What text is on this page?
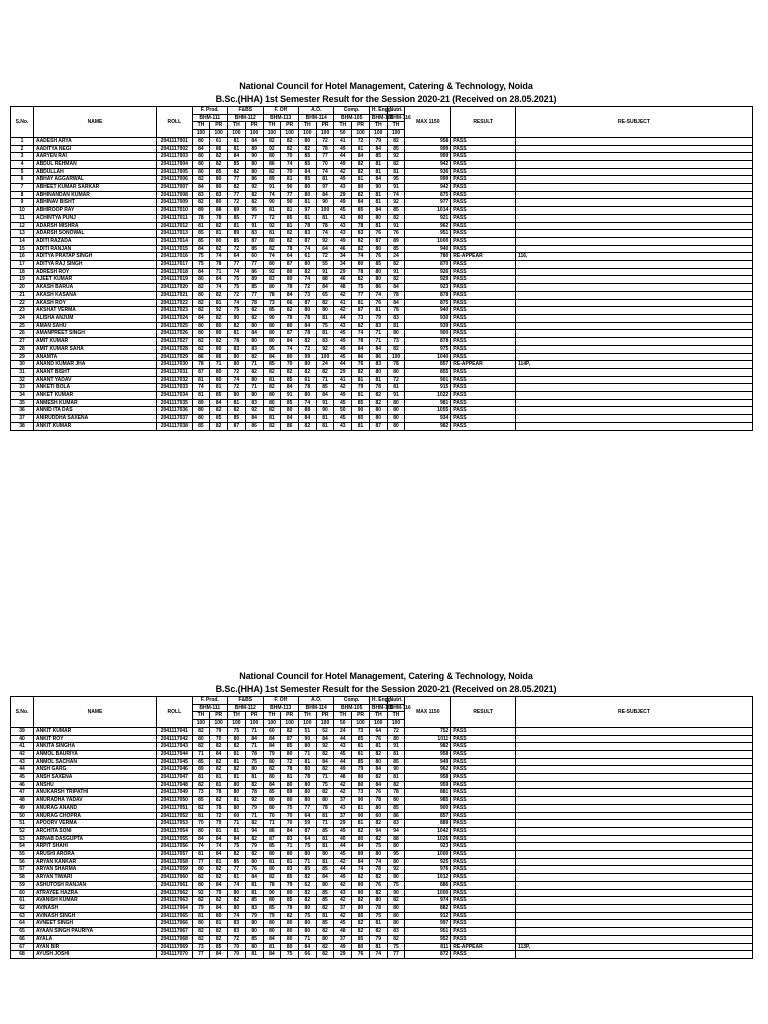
National Council for Hotel Management, Catering & Technology, Noida
B.Sc.(HHA) 1st Semester Result for the Session 2020-21 (Received on 28.05.2021)
S.No.	NAME	ROLL	F. Prod.		F&BS		F. Off		A.O.		Comp.		H. Engg.	Nutri.	MAX 1150	RESULT	RE-SUBJECT
			BHM-111		BHM-112		BHM-113		BHM-114		BHM-105		BHM-106	BHM-116			
			TH	PR	TH	PR	TH	PR	TH	PR	TH	PR	TH	TH			
			100	100	100	100	100	100	100	100	50	100	100	100			
1	AADESH ARYA	2041117001	80	61	81	84	82	82	80	72	41	72	79	82	958	PASS	
2	AADITYA NEGI	2041117002	84	86	81	89	92	82	82	78	49	81	84	85	999	PASS	
3	AARYEN RAI	2041117003	80	82	84	90	80	70	85	77	44	84	85	92	999	PASS	
4	ABDUL REHMAN	2041117004	80	82	85	80	86	74	85	70	49	82	81	82	942	PASS	
5	ABDULLAH	2041117005	80	85	82	80	82	70	84	74	42	82	81	81	936	PASS	
6	ABHAY AGGARWAL	2041117006	82	80	77	86	89	81	85	81	49	81	84	95	999	PASS	
7	ABHEET KUMAR SARKAR	2041117007	84	80	82	92	91	90	80	97	43	80	90	91	942	PASS	
8	ABHINANDAN KUMAR	2041117008	83	83	77	82	74	77	80	84	29	82	81	74	875	PASS	
9	ABHINAV BISHT	2041117009	82	80	72	82	90	90	81	90	49	84	81	92	977	PASS	
10	ABHIROOP RAY	2041117010	89	88	89	95	81	81	97	100	45	85	84	85	1014	PASS	
11	ACHINTYA PUNJ	2041117011	78	78	85	77	72	85	81	81	43	80	80	82	921	PASS	
12	ADARSH MISHRA	2041117012	81	82	81	91	92	81	78	78	43	78	81	91	962	PASS	
13	ADARSH SONOWAL	2041117013	85	81	89	83	81	82	83	74	43	83	76	76	951	PASS	
14	ADITI RAZADA	2041117014	85	80	85	87	80	82	87	92	49	82	87	89	1000	PASS	
15	ADITI RANJAN	2041117015	84	82	72	85	82	78	74	64	46	82	80	85	940	PASS	
16	ADITYA PRATAP SINGH	2041117016	75	74	64	60	74	64	61	72	34	74	76	24	780	RE-APPEAR	116,
17	ADITYA RAJ SINGH	2041117017	75	78	77	77	80	87	80	55	34	80	85	82	870	PASS	
18	ADRESH ROY	2041117018	84	71	74	86	92	80	82	91	29	78	80	91	926	PASS	
19	AJEET KUMAR	2041117019	80	84	75	89	83	80	74	88	46	82	80	82	929	PASS	
20	AKASH BARUA	2041117020	82	74	75	85	80	78	72	84	48	75	86	84	923	PASS	
21	AKASH KASANA	2041117021	80	82	72	77	78	84	73	65	42	77	74	78	878	PASS	
22	AKASH ROY	2041117022	82	81	74	78	73	66	87	82	41	81	76	84	875	PASS	
23	AKSHAT VERMA	2041117023	82	92	75	82	85	82	80	80	42	87	81	78	940	PASS	
24	ALISHA ANJUM	2041117024	84	82	90	82	90	78	78	81	44	73	79	83	930	PASS	
25	AMAN SAHU	2041117025	80	80	82	80	80	80	84	75	43	82	83	81	939	PASS	
26	AMANPREET SINGH	2041117026	80	80	81	84	80	87	78	81	45	74	71	80	900	PASS	
27	AMIT KUMAR	2041117027	82	82	78	80	80	84	82	83	49	78	71	73	878	PASS	
28	AMIT KUMAR SAHA	2041117028	82	80	83	83	95	74	72	92	49	84	84	82	975	PASS	
29	ANAMTA	2041117029	86	86	80	82	84	80	99	100	45	86	86	100	1040	PASS	
30	ANAND KUMAR JHA	2041117030	78	71	80	71	85	70	80	24	44	76	83	78	857	RE-APPEAR	114P,
31	ANANT BISHT	2041117031	87	80	72	82	82	82	82	82	29	82	80	80	855	PASS	
32	ANANT YADAV	2041117032	81	80	74	80	81	85	61	71	41	81	81	72	901	PASS	
33	ANKETI BOLA	2041117033	74	81	72	71	82	84	78	85	42	79	78	81	915	PASS	
34	ANKET KUMAR	2041117034	81	85	80	80	80	91	80	84	49	81	82	91	1022	PASS	
35	ANMESH KUMAR	2041117035	89	84	81	83	80	85	74	91	45	85	82	80	981	PASS	
36	ANNID ITA DAS	2041117036	80	82	82	92	82	80	88	90	50	90	80	80	1055	PASS	
37	ANIRUDDHA SAXENA	2041117037	80	85	85	84	81	84	84	81	45	85	80	80	934	PASS	
38	ANKIT KUMAR	2041117038	85	82	87	86	82	86	82	81	43	81	87	80	982	PASS	
National Council for Hotel Management, Catering & Technology, Noida
B.Sc.(HHA) 1st Semester Result for the Session 2020-21 (Received on 28.05.2021)
S.No.	NAME	ROLL	F. Prod.		F&BS		F. Off		A.O.		Comp.		H. Engg.	Nutri.	MAX 1150	RESULT	RE-SUBJECT
			BHM-111		BHM-112		BHM-113		BHM-114		BHM-105		BHM-106	BHM-116			
			TH	PR	TH	PR	TH	PR	TH	PR	TH	PR	TH	TH			
			100	100	100	100	100	100	100	100	50	100	100	100			
39	ANKIT KUMAR	2041117041	82	79	75	71	60	82	51	52	24	73	64	72	752	PASS	
40	ANKIT ROY	2041117042	80	70	80	84	84	87	90	84	44	85	76	80	1011	PASS	
41	ANKITA SINGHA	2041117043	82	82	82	71	84	85	80	92	43	81	81	91	982	PASS	
42	ANMOL BAURIYA	2041117044	71	84	81	78	79	80	71	82	45	81	82	81	958	PASS	
43	ANMOL SACHAN	2041117045	85	82	81	75	80	72	81	84	44	85	80	85	949	PASS	
44	ANSH GARG	2041117046	89	82	82	80	82	78	80	82	49	79	84	90	962	PASS	
45	ANSH SAXENA	2041117047	81	81	81	81	80	81	78	71	48	80	82	81	958	PASS	
46	ANSHU	2041117048	82	81	80	82	84	80	80	75	42	80	84	82	959	PASS	
47	ANUKARSH TRIPATHI	2041117049	73	78	80	78	85	89	80	82	42	73	76	78	881	PASS	
48	ANURADHA YADAV	2041117050	85	82	81	92	80	80	80	80	37	90	78	80	985	PASS	
49	ANURAG ANAND	2041117051	82	78	80	79	80	75	77	78	43	81	80	85	900	PASS	
50	ANURAG CHOPRA	2041117052	81	72	60	71	70	70	64	81	37	90	60	86	857	PASS	
51	APOORV VERMA	2041117053	70	79	71	82	71	70	59	71	29	81	82	83	889	PASS	
52	ARCHITA SONI	2041117054	80	81	81	94	86	84	87	85	49	82	94	94	1042	PASS	
53	ARNAB DASGUPTA	2041117055	84	84	84	82	87	83	64	81	40	80	82	88	1026	PASS	
54	ARPIT SHAHI	2041117056	74	74	75	79	85	71	75	81	44	84	75	80	923	PASS	
55	ARUSHI ARORA	2041117057	81	84	82	82	80	80	80	80	45	89	80	95	1000	PASS	
56	ARYAN KANKAR	2041117058	77	81	85	80	81	81	71	81	42	84	74	80	925	PASS	
57	ARYAN SHARMA	2041117059	80	82	77	76	80	83	85	85	44	74	78	92	976	PASS	
58	ARYAN TIWARI	2041117060	82	82	81	84	82	85	82	84	49	82	82	80	1012	PASS	
59	ASHUTOSH RANJAN	2041117061	80	84	74	81	78	79	62	80	42	80	76	75	886	PASS	
60	ATRAYEE HAZRA	2041117062	92	79	80	81	90	80	82	85	43	80	82	90	1000	PASS	
61	AVANISH KUMAR	2041117063	82	82	82	85	80	85	82	85	42	82	80	82	974	PASS	
62	AVINASH	2041117064	79	84	80	83	85	78	80	82	37	80	78	80	882	PASS	
63	AVINASH SINGH	2041117065	81	80	74	79	79	82	75	81	42	85	75	80	912	PASS	
64	AVNEET SINGH	2041117066	80	81	83	80	80	80	80	85	45	82	81	80	997	PASS	
65	AYAAN SINGH PAURIYA	2041117067	82	82	83	80	80	80	80	82	48	82	82	83	951	PASS	
66	AYALA	2041117068	82	82	72	85	84	80	71	80	37	85	79	82	952	PASS	
67	AYAN BIR	2041117069	73	85	70	80	81	80	84	82	49	80	81	75	811	RE-APPEAR	113P,
68	AYUSH JOSHI	2041117070	77	84	70	81	84	75	66	82	29	76	74	77	872	PASS	
